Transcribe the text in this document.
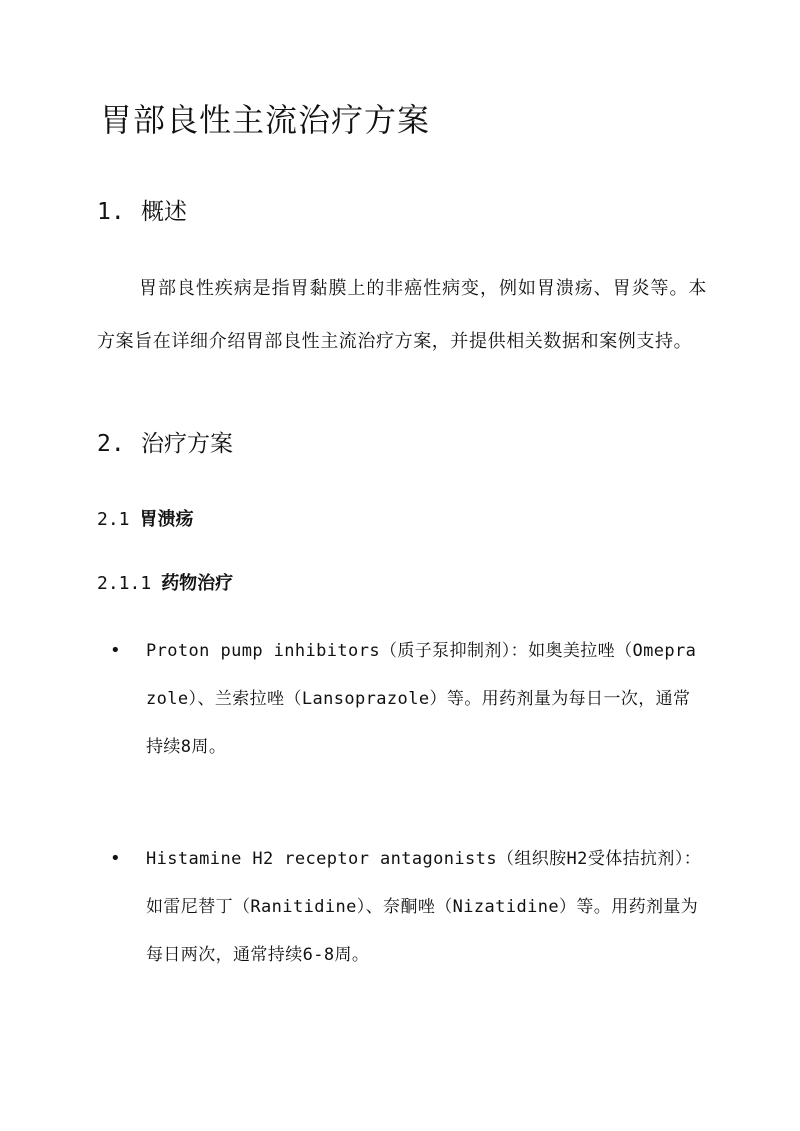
胃部良性主流治疗方案
1. 概述

胃部良性疾病是指胃黏膜上的非癌性病变，例如胃溃疡、胃炎等。本方案旨在详细介绍胃部良性主流治疗方案，并提供相关数据和案例支持。

2. 治疗方案
2.1 胃溃疡
2.1.1 药物治疗
• Proton pump inhibitors（质子泵抑制剂）：如奥美拉唑（Omeprazole）、兰索拉唑（Lansoprazole）等。用药剂量为每日一次，通常持续8周。

• Histamine H2 receptor antagonists（组织胺H2受体拮抗剂）：如雷尼替丁（Ranitidine）、奈酮唑（Nizatidine）等。用药剂量为每日两次，通常持续6-8周。
